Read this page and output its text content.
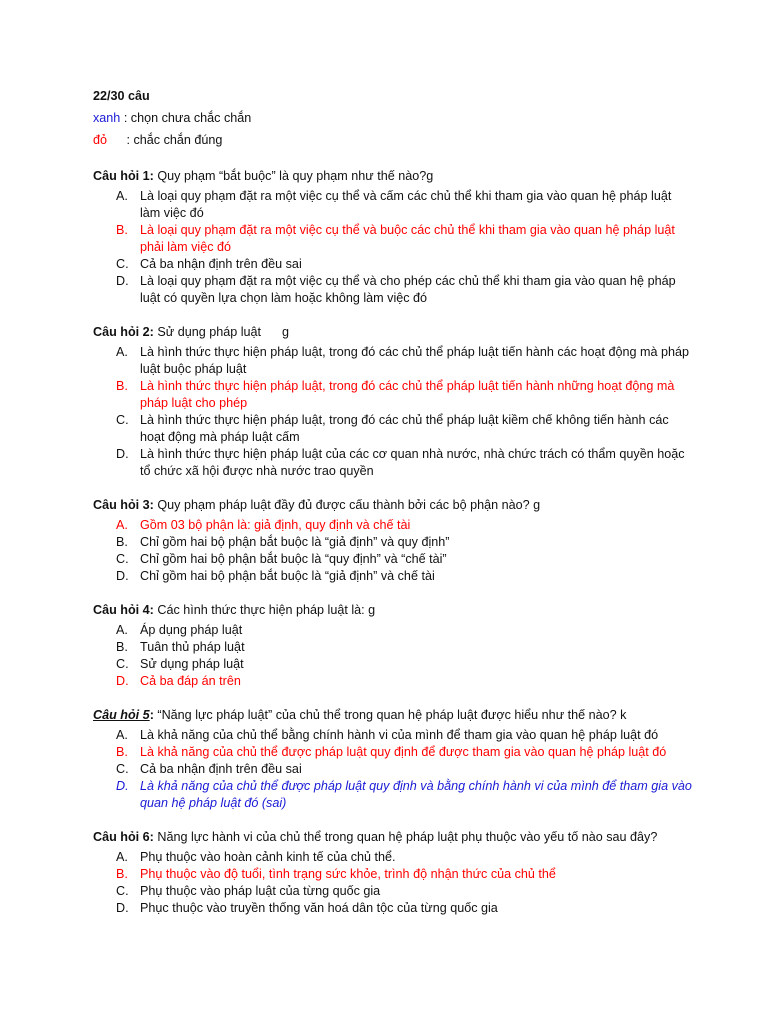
22/30 câu
xanh : chọn chưa chắc chắn
đỏ : chắc chắn đúng
Câu hỏi 1: Quy phạm “bắt buộc” là quy phạm như thế nào?g
A. Là loại quy phạm đặt ra một việc cụ thể và cấm các chủ thể khi tham gia vào quan hệ pháp luật làm việc đó
B. Là loại quy phạm đặt ra một việc cụ thể và buộc các chủ thể khi tham gia vào quan hệ pháp luật phải làm việc đó
C. Cả ba nhận định trên đều sai
D. Là loại quy phạm đặt ra một việc cụ thể và cho phép các chủ thể khi tham gia vào quan hệ pháp luật có quyền lựa chọn làm hoặc không làm việc đó
Câu hỏi 2: Sử dụng pháp luật      g
A. Là hình thức thực hiện pháp luật, trong đó các chủ thể pháp luật tiến hành các hoạt động mà pháp luật buộc pháp luật
B. Là hình thức thực hiện pháp luật, trong đó các chủ thể pháp luật tiến hành những hoạt động mà pháp luật cho phép
C. Là hình thức thực hiện pháp luật, trong đó các chủ thể pháp luật kiềm chế không tiến hành các hoạt động mà pháp luật cấm
D. Là hình thức thực hiện pháp luật của các cơ quan nhà nước, nhà chức trách có thẩm quyền hoặc tổ chức xã hội được nhà nước trao quyền
Câu hỏi 3: Quy phạm pháp luật đầy đủ được cấu thành bởi các bộ phận nào? g
A. Gồm 03 bộ phận là: giả định, quy định và chế tài
B. Chỉ gồm hai bộ phận bắt buộc là “giả định” và quy định”
C. Chỉ gồm hai bộ phận bắt buộc là “quy định” và “chế tài”
D. Chỉ gồm hai bộ phận bắt buộc là “giả định” và chế tài
Câu hỏi 4: Các hình thức thực hiện pháp luật là: g
A. Áp dụng pháp luật
B. Tuân thủ pháp luật
C. Sử dụng pháp luật
D. Cả ba đáp án trên
Câu hỏi 5: “Năng lực pháp luật” của chủ thể trong quan hệ pháp luật được hiểu như thế nào? k
A. Là khả năng của chủ thể bằng chính hành vi của mình để tham gia vào quan hệ pháp luật đó
B. Là khả năng của chủ thể được pháp luật quy định để được tham gia vào quan hệ pháp luật đó
C. Cả ba nhận định trên đều sai
D. Là khả năng của chủ thể được pháp luật quy định và bằng chính hành vi của mình để tham gia vào quan hệ pháp luật đó (sai)
Câu hỏi 6: Năng lực hành vi của chủ thể trong quan hệ pháp luật phụ thuộc vào yếu tố nào sau đây?
A. Phụ thuộc vào hoàn cảnh kinh tế của chủ thể.
B. Phụ thuộc vào độ tuổi, tình trạng sức khỏe, trình độ nhận thức của chủ thể
C. Phụ thuộc vào pháp luật của từng quốc gia
D. Phục thuộc vào truyền thống văn hoá dân tộc của từng quốc gia
